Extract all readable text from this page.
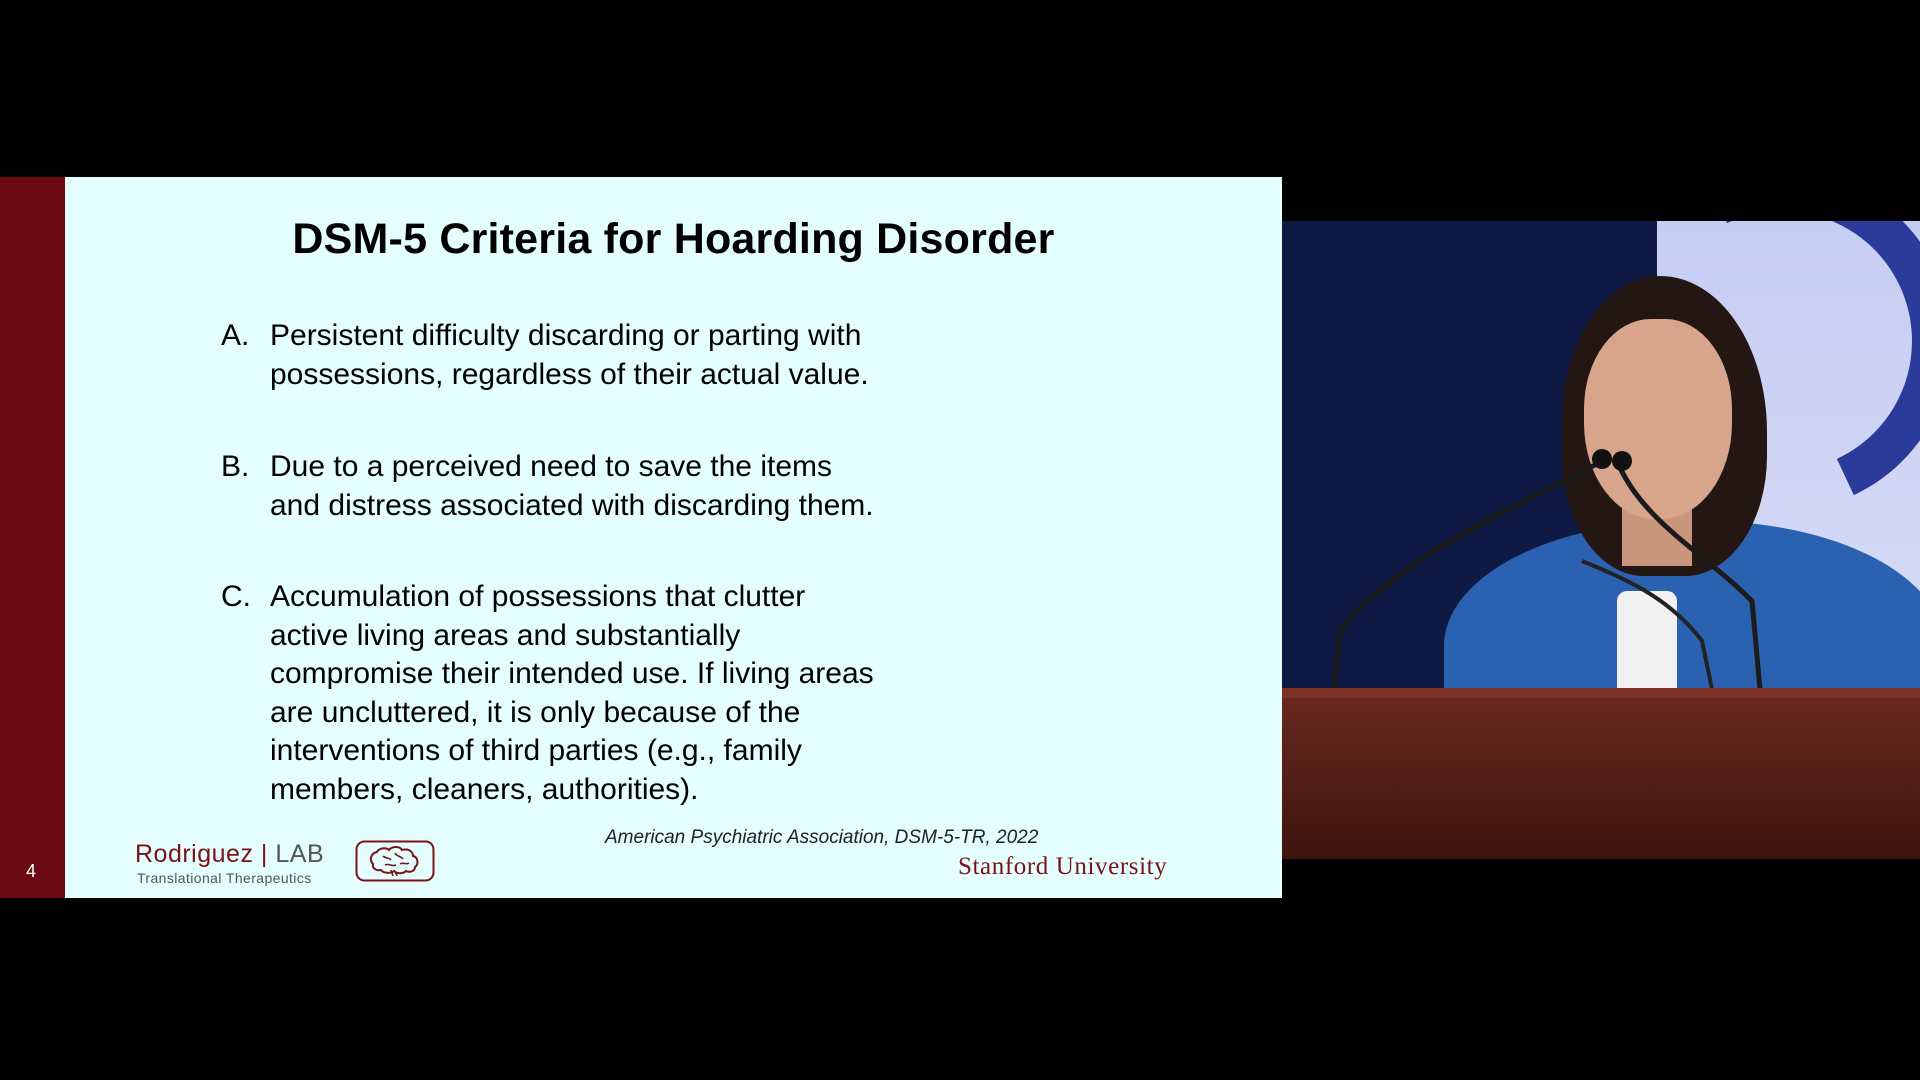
4
DSM-5 Criteria for Hoarding Disorder
A. Persistent difficulty discarding or parting with
possessions, regardless of their actual value.
B. Due to a perceived need to save the items
and distress associated with discarding them.
C. Accumulation of possessions that clutter
active living areas and substantially
compromise their intended use. If living areas
are uncluttered, it is only because of the
interventions of third parties (e.g., family
members, cleaners, authorities).
American Psychiatric Association, DSM-5-TR, 2022
Rodriguez | LAB
Translational Therapeutics	Stanford University
